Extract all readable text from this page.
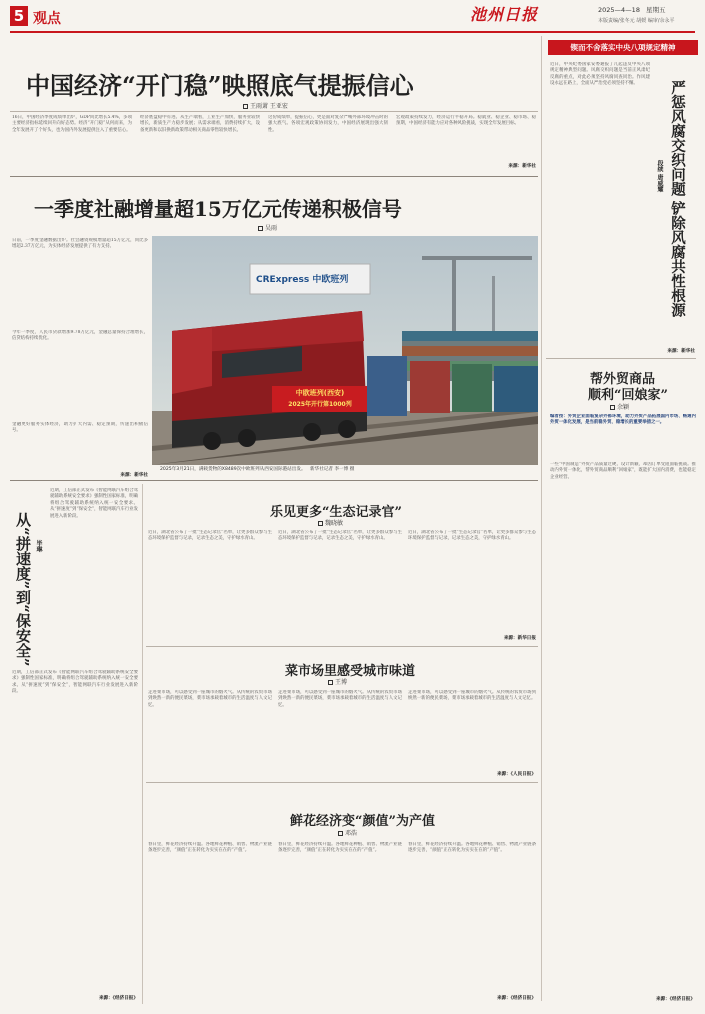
5 观点	池州日报	2025—4—18 星期五
本版责编/张冬元 胡媛 编审/余永平
中国经济“开门稳”映照底气提振信心
王雨萧 王亚宏
16日，中国经济季度成绩单出炉，GDP同比增长5.4%，多项主要经济指标延续回升向好态势。经济“开门稳”从何而来，为全年发展开了个好头，也为国内外发展提供注入了重要信心。
经济底盘稳中有进。从生产端看，工业生产加快，服务业较快增长，新质生产力稳步发展；从需求端看，消费持续扩大，设备更新和以旧换新政策带动相关商品零售较快增长。
这份成绩单，提振信心，更是面对复杂严峻外部环境冲击时的强大底气。各项宏观政策协同发力，中国经济展现出强大韧性。
宏观政策持续发力，经济运行平稳开局。稳就业、稳企业、稳市场、稳预期，中国经济有能力应对各种风险挑战，实现全年发展目标。
来源：新华社
锲而不舍落实中央八项规定精神
近日，中央纪委国家安委通报了几起违反中央八项规定精神典型问题。风腐交织问题是当前正风肃纪反腐的重点，对此必须坚持风腐同查同治。作风建设永远在路上，全面从严治党必须坚持不懈。	严惩风腐交织问题 铲除风腐共性根源
段续 唐威耀
来源：新华社
帮外贸商品
顺利“回娘家”
余颖
编者按：外贸企业面临复杂外部环境，助力外贸产品拓展国内市场、畅通内外贸一体化发展，是当前稳外贸、稳增长的重要举措之一。
一些“中国制造”外贸产品质量过硬、设计新颖，却因订单受阻面临挑战。推动内外贸一体化，帮外贸商品顺利“回娘家”，既能扩大国内消费，也能稳定企业经营。
来源：《经济日报》
一季度社融增量超15万亿元传递积极信号
吴雨
日前，一季度金融数据出炉。社会融资规模增量超15万亿元，同比多增超2.37万亿元，为实体经济发展提供了有力支持。
今年一季度，人民币贷款增加9.78万亿元，金融总量保持合理增长，信贷结构持续优化。
金融更好服务实体经济，助力扩大内需、稳定预期，传递出积极信号。
来源：新华社
CRExpress 中欧班列
中欧班列(西安)
2025年开行第1000列
2025年3月21日，满载货物的X8489次中欧班列从西安国际港站出发。 新华社记者 李一博 摄
从“拼速度”到“保安全” 毕琳
近期，工信部正式发布《智能网联汽车组合驾驶辅助系统安全要求》强制性国家标准，明确将组合驾驶辅助系统纳入统一安全要求。从“拼速度”到“保安全”，智能网联汽车行业发展进入新阶段。
近期，工信部正式发布《智能网联汽车组合驾驶辅助系统安全要求》强制性国家标准，明确将组合驾驶辅助系统纳入统一安全要求。从“拼速度”到“保安全”，智能网联汽车行业发展进入新阶段。
来源：《经济日报》
乐见更多“生态记录官”
魏晓敏
近日，湖北省公布了一批“生态记录官”名单，让更多群众参与生态环境保护监督与记录，记录生态之美，守护绿水青山。
近日，湖北省公布了一批“生态记录官”名单，让更多群众参与生态环境保护监督与记录，记录生态之美，守护绿水青山。
近日，湖北省公布了一批“生态记录官”名单，让更多群众参与生态环境保护监督与记录，记录生态之美，守护绿水青山。
来源：新华日报
菜市场里感受城市味道
王博
走进菜市场，可以感受到一座城市的烟火气。从传统的农贸市场到焕然一新的便民菜场，菜市场承载着城市的生活温度与人文记忆。
走进菜市场，可以感受到一座城市的烟火气。从传统的农贸市场到焕然一新的便民菜场，菜市场承载着城市的生活温度与人文记忆。
走进菜市场，可以感受到一座城市的烟火气。从传统的农贸市场到焕然一新的便民菜场，菜市场承载着城市的生活温度与人文记忆。
来源：《人民日报》
鲜花经济变“颜值”为产值
邓浩
春日里，鲜花经济持续升温。各地鲜花种植、销售、物流产业链条逐步完善，“颜值”正在转化为实实在在的“产值”。
春日里，鲜花经济持续升温。各地鲜花种植、销售、物流产业链条逐步完善，“颜值”正在转化为实实在在的“产值”。
春日里，鲜花经济持续升温。各地鲜花种植、销售、物流产业链条逐步完善，“颜值”正在转化为实实在在的“产值”。
来源：《经济日报》
